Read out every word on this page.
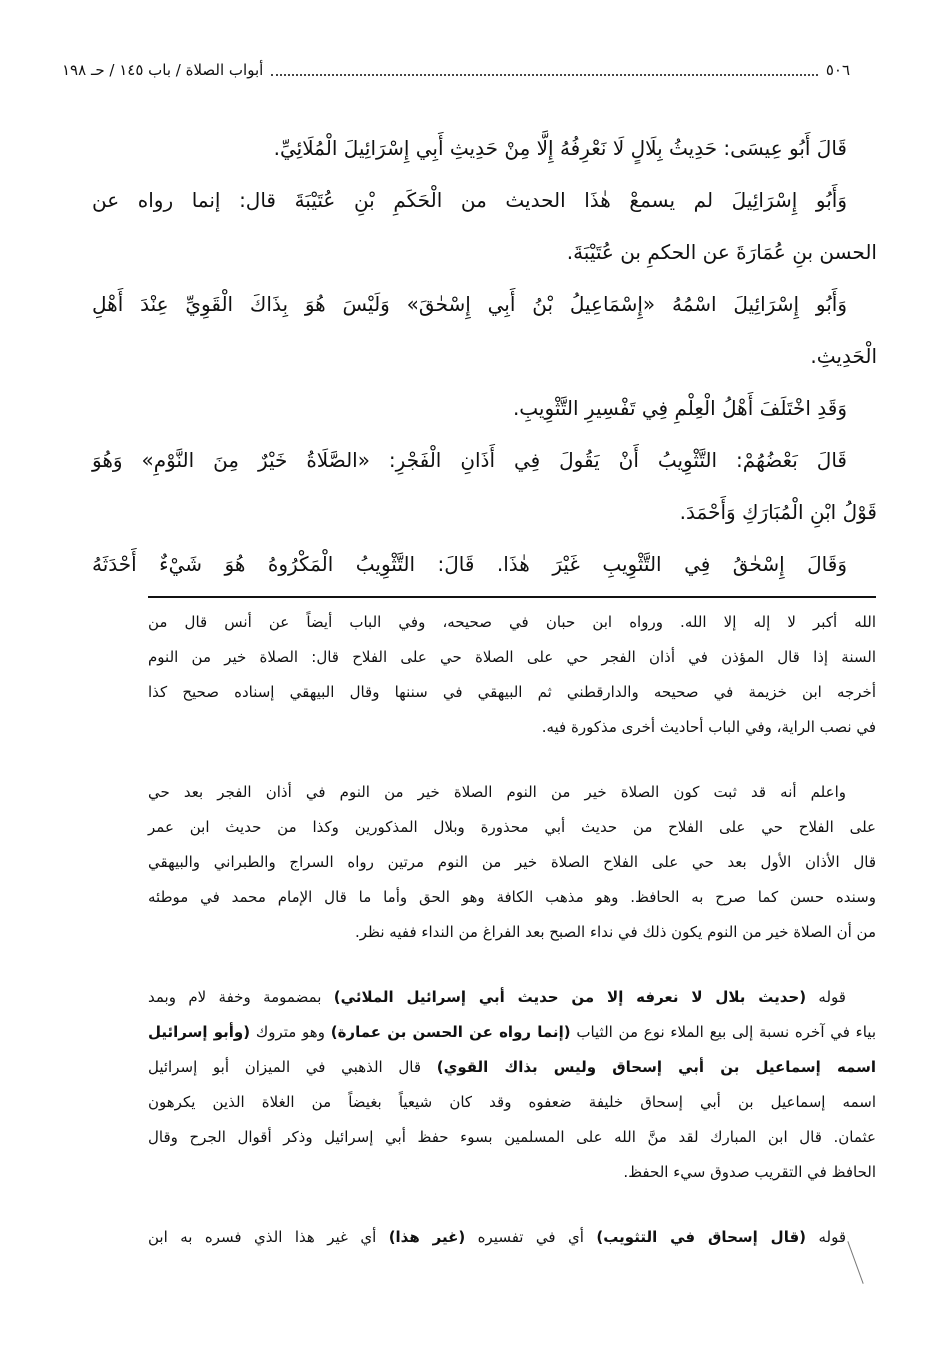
٥٠٦
أبواب الصلاة / باب ١٤٥ / حـ ١٩٨
قَالَ أَبُو عِيسَى: حَدِيثُ بِلَالٍ لَا نَعْرِفُهُ إِلَّا مِنْ حَدِيثِ أَبِي إِسْرَائِيلَ الْمُلَائِيِّ.
وَأَبُو إِسْرَائِيلَ لم يسمعْ هٰذَا الحديث من الْحَكَمِ بْنِ عُتَيْبَةَ قال: إنما رواه عن
الحسن بنِ عُمَارَةَ عن الحكمِ بن عُتَيْبَةَ.
وَأَبُو إِسْرَائِيلَ اسْمُهُ «إِسْمَاعِيلُ بْنُ أَبِي إِسْحٰقَ» وَلَيْسَ هُوَ بِذَاكَ الْقَوِيِّ عِنْدَ أَهْلِ
الْحَدِيثِ.
وَقَدِ اخْتَلَفَ أَهْلُ الْعِلْمِ فِي تَفْسِيرِ التَّثْوِيبِ.
قَالَ بَعْضُهُمْ: التَّثْوِيبُ أَنْ يَقُولَ فِي أَذَانِ الْفَجْرِ: «الصَّلَاةُ خَيْرٌ مِنَ النَّوْمِ» وَهُوَ
قَوْلُ ابْنِ الْمُبَارَكِ وَأَحْمَدَ.
وَقَالَ إِسْحٰقُ فِي التَّثْوِيبِ غَيْرَ هٰذَا. قَالَ: التَّثْوِيبُ الْمَكْرُوهُ هُوَ شَيْءٌ أَحْدَثَهُ
الله أكبر لا إله إلا الله. ورواه ابن حبان في صحيحه، وفي الباب أيضاً عن أنس قال من
السنة إذا قال المؤذن في أذان الفجر حي على الصلاة حي على الفلاح قال: الصلاة خير من النوم
أخرجه ابن خزيمة في صحيحه والدارقطني ثم البيهقي في سننها وقال البيهقي إسناده صحيح كذا
في نصب الراية، وفي الباب أحاديث أخرى مذكورة فيه.
واعلم أنه قد ثبت كون الصلاة خير من النوم الصلاة خير من النوم في أذان الفجر بعد حي
على الفلاح حي على الفلاح من حديث أبي محذورة وبلال المذكورين وكذا من حديث ابن عمر
قال الأذان الأول بعد حي على الفلاح الصلاة خير من النوم مرتين رواه السراج والطبراني والبيهقي
وسنده حسن كما صرح به الحافظ. وهو مذهب الكافة وهو الحق وأما ما قال الإمام محمد في موطئه
من أن الصلاة خير من النوم يكون ذلك في نداء الصبح بعد الفراغ من النداء ففيه نظر.
قوله (حديث بلال لا نعرفه إلا من حديث أبي إسرائيل الملائي) بمضمومة وخفة لام وبمد
بياء في آخره نسبة إلى بيع الملاء نوع من الثياب (إنما رواه عن الحسن بن عمارة) وهو متروك (وأبو إسرائيل
اسمه إسماعيل بن أبي إسحاق وليس بذاك القوي) قال الذهبي في الميزان أبو إسرائيل
اسمه إسماعيل بن أبي إسحاق خليفة ضعفوه وقد كان شيعياً بغيضاً من الغلاة الذين يكرهون
عثمان. قال ابن المبارك لقد منَّ الله على المسلمين بسوء حفظ أبي إسرائيل وذكر أقوال الجرح وقال
الحافظ في التقريب صدوق سيء الحفظ.
قوله (قال إسحاق في التثويب) أي في تفسيره (غير هذا) أي غير هذا الذي فسره به ابن
